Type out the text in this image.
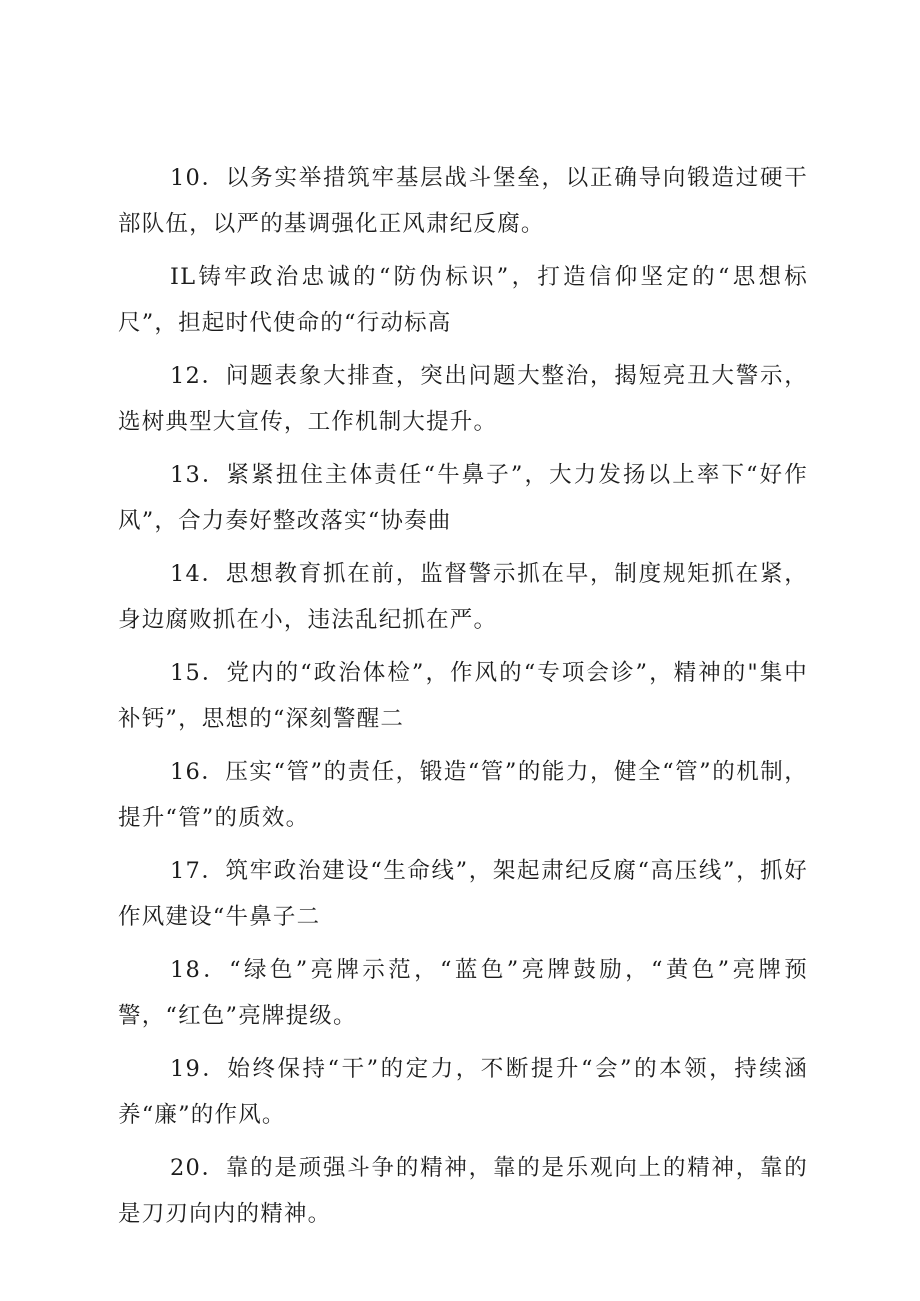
10．以务实举措筑牢基层战斗堡垒，以正确导向锻造过硬干部队伍，以严的基调强化正风肃纪反腐。

IL铸牢政治忠诚的“防伪标识”，打造信仰坚定的“思想标尺”，担起时代使命的“行动标高

12．问题表象大排查，突出问题大整治，揭短亮丑大警示，选树典型大宣传，工作机制大提升。

13．紧紧扭住主体责任“牛鼻子”，大力发扬以上率下“好作风”，合力奏好整改落实“协奏曲

14．思想教育抓在前，监督警示抓在早，制度规矩抓在紧，身边腐败抓在小，违法乱纪抓在严。

15．党内的“政治体检”，作风的“专项会诊”，精神的"集中补钙”，思想的“深刻警醒二

16．压实“管”的责任，锻造“管”的能力，健全“管”的机制，提升“管”的质效。

17．筑牢政治建设“生命线”，架起肃纪反腐“高压线”，抓好作风建设“牛鼻子二

18．“绿色”亮牌示范，“蓝色”亮牌鼓励，“黄色”亮牌预警，“红色”亮牌提级。

19．始终保持“干”的定力，不断提升“会”的本领，持续涵养“廉”的作风。

20．靠的是顽强斗争的精神，靠的是乐观向上的精神，靠的是刀刃向内的精神。
